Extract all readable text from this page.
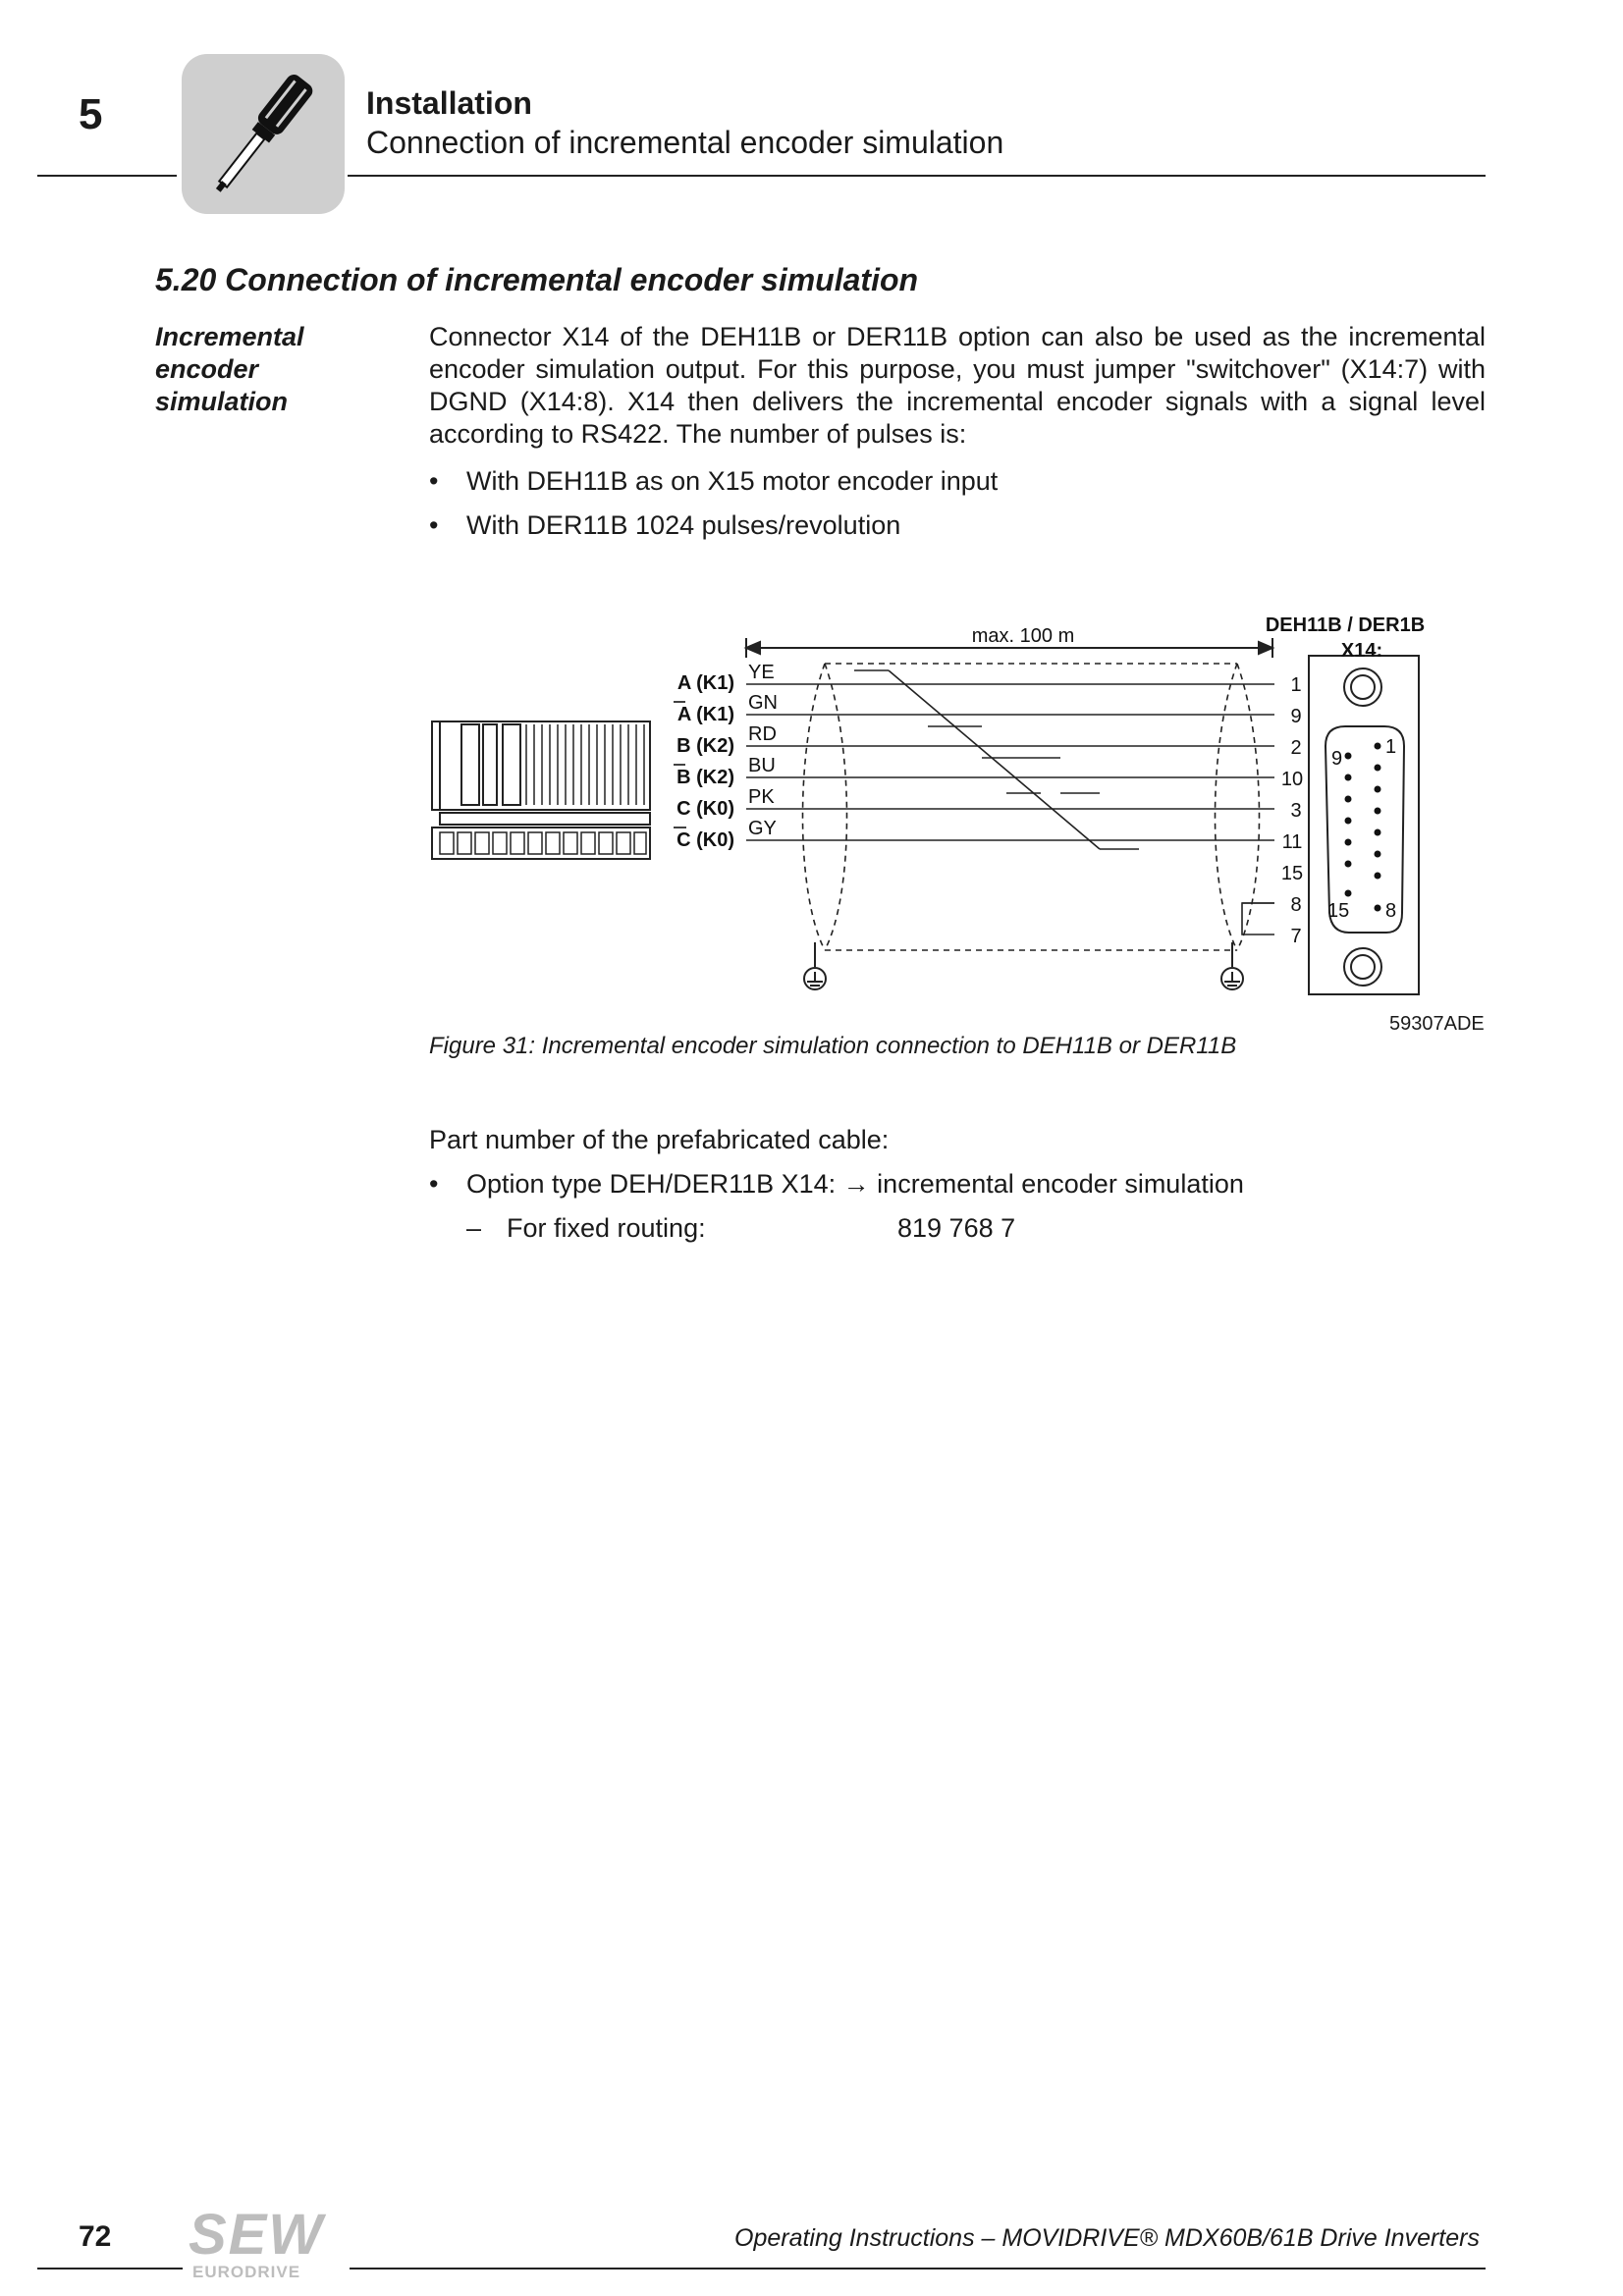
5	Installation
Connection of incremental encoder simulation
5.20 Connection of incremental encoder simulation
Incremental
encoder
simulation
Connector X14 of the DEH11B or DER11B option can also be used as the incremental encoder simulation output. For this purpose, you must jumper "switchover" (X14:7) with DGND (X14:8). X14 then delivers the incremental encoder signals with a signal level according to RS422. The number of pulses is:
• With DEH11B as on X15 motor encoder input
• With DER11B 1024 pulses/revolution
max. 100 m	DEH11B / DER1B
X14:
A (K1)
A (K1)
B (K2)
B (K2)
C (K0)
C (K0)
YE
GN
RD
BU
PK
GY
1
9
2
10
3
11
15
8
7
9
1
15 8
59307ADE
Figure 31: Incremental encoder simulation connection to DEH11B or DER11B
Part number of the prefabricated cable:
• Option type DEH/DER11B X14: → incremental encoder simulation
– For fixed routing:	819 768 7
72 SEW
EURODRIVE
Operating Instructions – MOVIDRIVE® MDX60B/61B Drive Inverters
